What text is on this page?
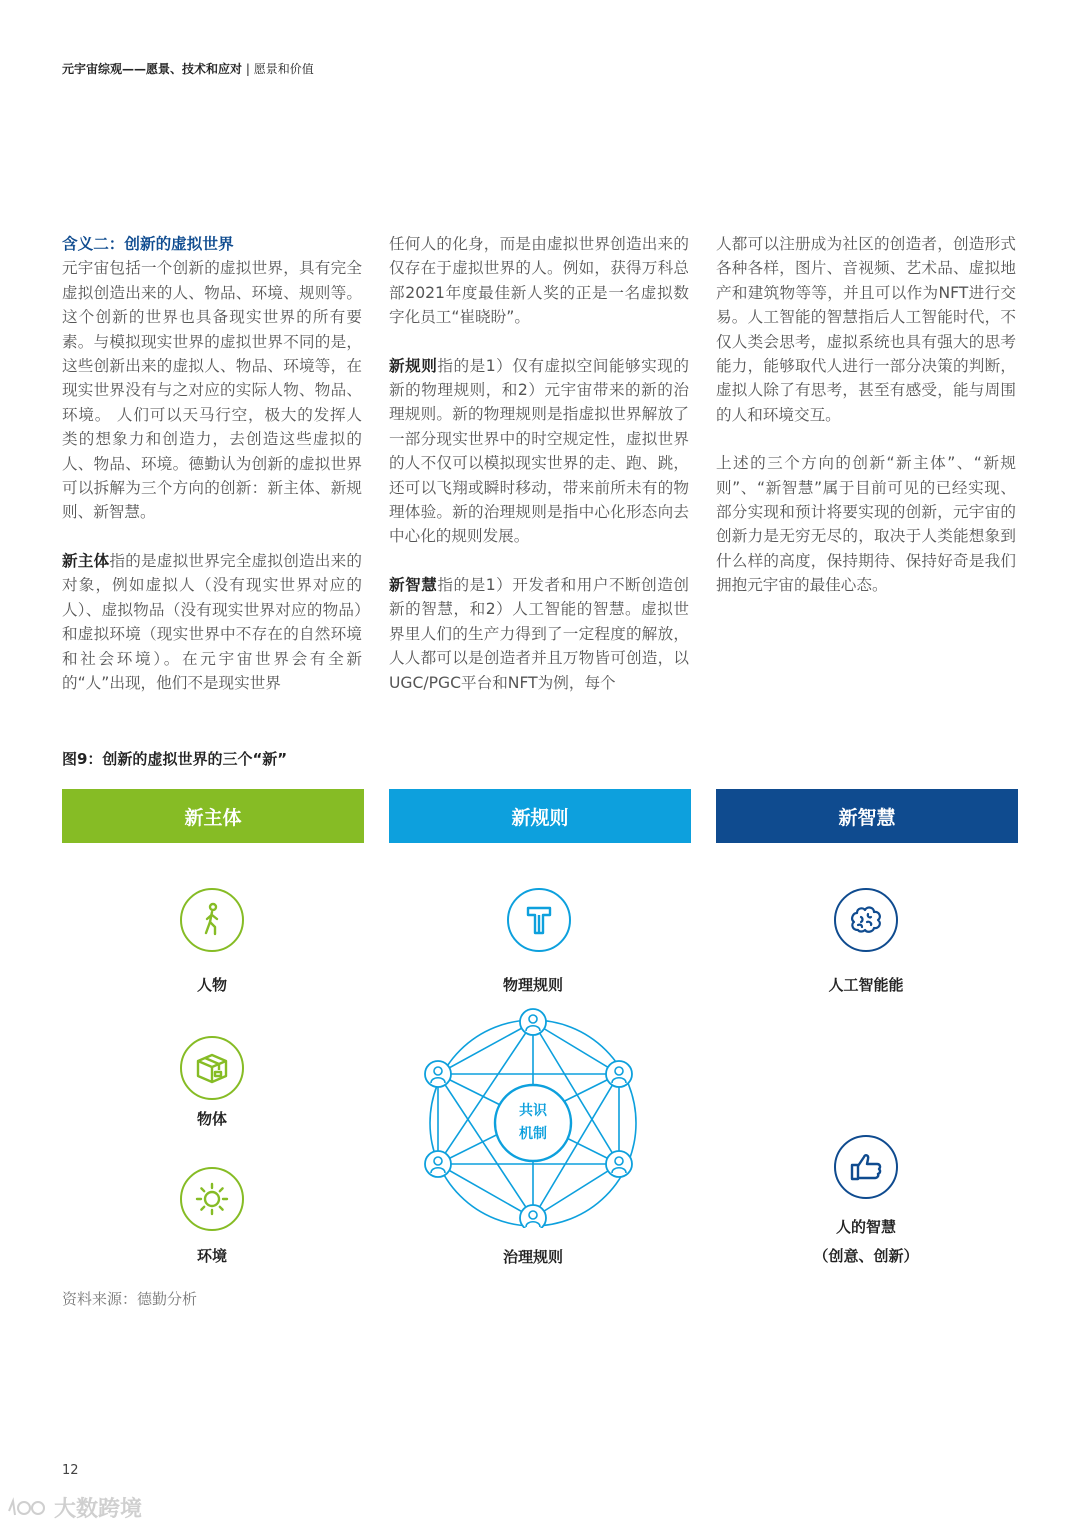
元宇宙综观——愿景、技术和应对 | 愿景和价值

含义二：创新的虚拟世界

元宇宙包括一个创新的虚拟世界，具有完全虚拟创造出来的人、物品、环境、规则等。这个创新的世界也具备现实世界的所有要素。与模拟现实世界的虚拟世界不同的是，这些创新出来的虚拟人、物品、环境等，在现实世界没有与之对应的实际人物、物品、环境。 人们可以天马行空，极大的发挥人类的想象力和创造力，去创造这些虚拟的人、物品、环境。德勤认为创新的虚拟世界可以拆解为三个方向的创新：新主体、新规则、新智慧。

新主体指的是虚拟世界完全虚拟创造出来的对象，例如虚拟人（没有现实世界对应的人）、虚拟物品（没有现实世界对应的物品）和虚拟环境（现实世界中不存在的自然环境和社会环境）。在元宇宙世界会有全新的“人”出现，他们不是现实世界

任何人的化身，而是由虚拟世界创造出来的仅存在于虚拟世界的人。例如，获得万科总部2021年度最佳新人奖的正是一名虚拟数字化员工“崔晓盼”。

新规则指的是1）仅有虚拟空间能够实现的新的物理规则，和2）元宇宙带来的新的治理规则。新的物理规则是指虚拟世界解放了一部分现实世界中的时空规定性，虚拟世界的人不仅可以模拟现实世界的走、跑、跳，还可以飞翔或瞬时移动，带来前所未有的物理体验。新的治理规则是指中心化形态向去中心化的规则发展。

新智慧指的是1）开发者和用户不断创造创新的智慧，和2）人工智能的智慧。虚拟世界里人们的生产力得到了一定程度的解放，人人都可以是创造者并且万物皆可创造，以UGC/PGC平台和NFT为例，每个

人都可以注册成为社区的创造者，创造形式各种各样，图片、音视频、艺术品、虚拟地产和建筑物等等，并且可以作为NFT进行交易。人工智能的智慧指后人工智能时代，不仅人类会思考，虚拟系统也具有强大的思考能力，能够取代人进行一部分决策的判断，虚拟人除了有思考，甚至有感受，能与周围的人和环境交互。

上述的三个方向的创新“新主体”、“新规则”、“新智慧”属于目前可见的已经实现、部分实现和预计将要实现的创新，元宇宙的创新力是无穷无尽的，取决于人类能想象到什么样的高度，保持期待、保持好奇是我们拥抱元宇宙的最佳心态。

图9：创新的虚拟世界的三个“新”
新主体	新规则	新智慧
人物
物体
环境
物理规则
共识
机制
治理规则
人工智能能
人的智慧
（创意、创新）
资料来源：德勤分析
12
大数跨境
